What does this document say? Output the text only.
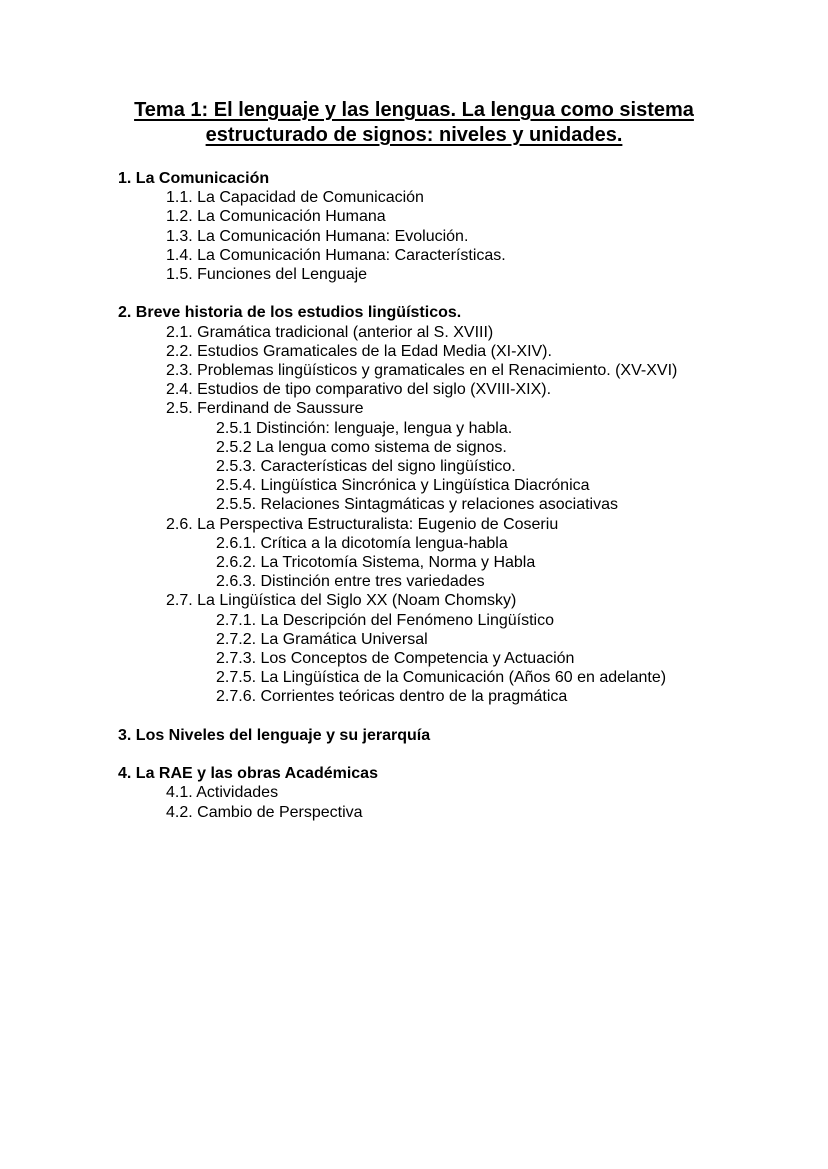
Tema 1: El lenguaje y las lenguas. La lengua como sistema
estructurado de signos: niveles y unidades.
1. La Comunicación
1.1. La Capacidad de Comunicación
1.2. La Comunicación Humana
1.3. La Comunicación Humana: Evolución.
1.4. La Comunicación Humana: Características.
1.5. Funciones del Lenguaje
2. Breve historia de los estudios lingüísticos.
2.1. Gramática tradicional (anterior al S. XVIII)
2.2. Estudios Gramaticales de la Edad Media (XI-XIV).
2.3. Problemas lingüísticos y gramaticales en el Renacimiento. (XV-XVI)
2.4. Estudios de tipo comparativo del siglo (XVIII-XIX).
2.5. Ferdinand de Saussure
2.5.1 Distinción: lenguaje, lengua y habla.
2.5.2 La lengua como sistema de signos.
2.5.3. Características del signo lingüístico.
2.5.4. Lingüística Sincrónica y Lingüística Diacrónica
2.5.5. Relaciones Sintagmáticas y relaciones asociativas
2.6. La Perspectiva Estructuralista: Eugenio de Coseriu
2.6.1. Crítica a la dicotomía lengua-habla
2.6.2. La Tricotomía Sistema, Norma y Habla
2.6.3. Distinción entre tres variedades
2.7. La Lingüística del Siglo XX (Noam Chomsky)
2.7.1. La Descripción del Fenómeno Lingüístico
2.7.2. La Gramática Universal
2.7.3. Los Conceptos de Competencia y Actuación
2.7.5. La Lingüística de la Comunicación (Años 60 en adelante)
2.7.6. Corrientes teóricas dentro de la pragmática
3. Los Niveles del lenguaje y su jerarquía
4. La RAE y las obras Académicas
4.1. Actividades
4.2. Cambio de Perspectiva
